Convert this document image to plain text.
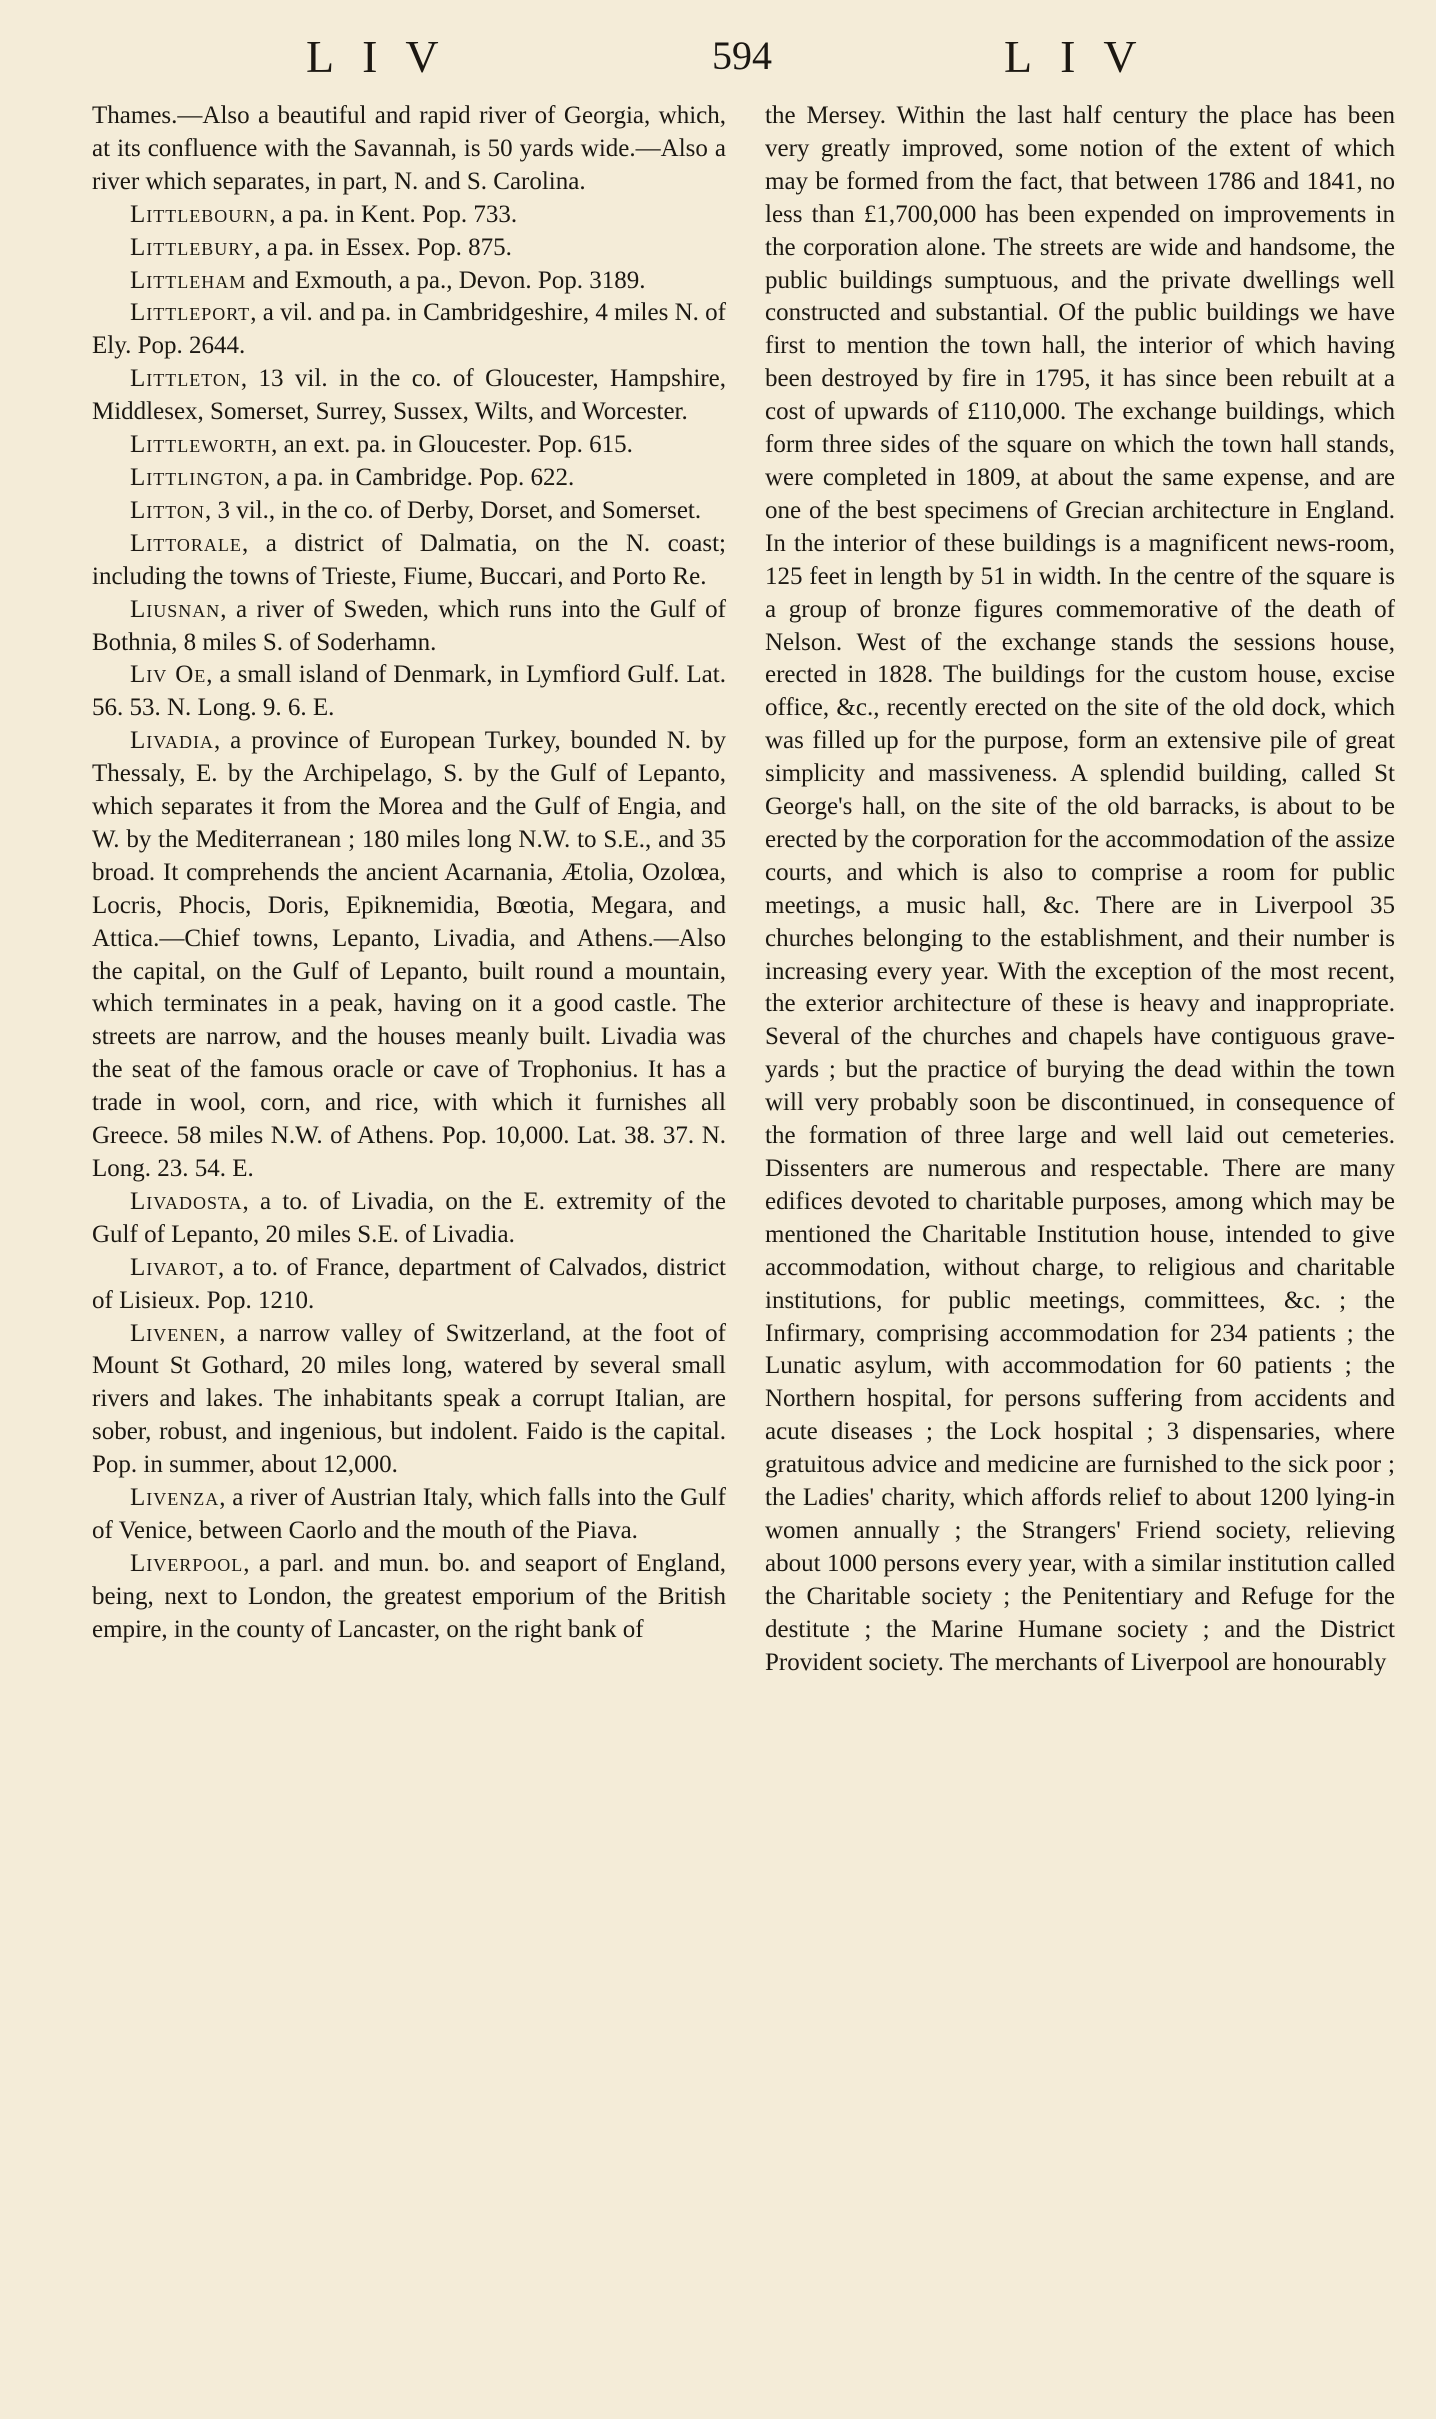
LIV	594	LIV

Thames.—Also a beautiful and rapid river of Georgia, which, at its confluence with the Savannah, is 50 yards wide.—Also a river which separates, in part, N. and S. Carolina.

Littlebourn, a pa. in Kent. Pop. 733.

Littlebury, a pa. in Essex. Pop. 875.

Littleham and Exmouth, a pa., Devon. Pop. 3189.

Littleport, a vil. and pa. in Cambridgeshire, 4 miles N. of Ely. Pop. 2644.

Littleton, 13 vil. in the co. of Gloucester, Hampshire, Middlesex, Somerset, Surrey, Sussex, Wilts, and Worcester.

Littleworth, an ext. pa. in Gloucester. Pop. 615.

Littlington, a pa. in Cambridge. Pop. 622.

Litton, 3 vil., in the co. of Derby, Dorset, and Somerset.

Littorale, a district of Dalmatia, on the N. coast; including the towns of Trieste, Fiume, Buccari, and Porto Re.

Liusnan, a river of Sweden, which runs into the Gulf of Bothnia, 8 miles S. of Soderhamn.

Liv Oe, a small island of Denmark, in Lymfiord Gulf. Lat. 56. 53. N. Long. 9. 6. E.

Livadia, a province of European Turkey, bounded N. by Thessaly, E. by the Archipelago, S. by the Gulf of Lepanto, which separates it from the Morea and the Gulf of Engia, and W. by the Mediterranean ; 180 miles long N.W. to S.E., and 35 broad. It comprehends the ancient Acarnania, Ætolia, Ozolœa, Locris, Phocis, Doris, Epiknemidia, Bœotia, Megara, and Attica.—Chief towns, Lepanto, Livadia, and Athens.—Also the capital, on the Gulf of Lepanto, built round a mountain, which terminates in a peak, having on it a good castle. The streets are narrow, and the houses meanly built. Livadia was the seat of the famous oracle or cave of Trophonius. It has a trade in wool, corn, and rice, with which it furnishes all Greece. 58 miles N.W. of Athens. Pop. 10,000. Lat. 38. 37. N. Long. 23. 54. E.

Livadosta, a to. of Livadia, on the E. extremity of the Gulf of Lepanto, 20 miles S.E. of Livadia.

Livarot, a to. of France, department of Calvados, district of Lisieux. Pop. 1210.

Livenen, a narrow valley of Switzerland, at the foot of Mount St Gothard, 20 miles long, watered by several small rivers and lakes. The inhabitants speak a corrupt Italian, are sober, robust, and ingenious, but indolent. Faido is the capital. Pop. in summer, about 12,000.

Livenza, a river of Austrian Italy, which falls into the Gulf of Venice, between Caorlo and the mouth of the Piava.

Liverpool, a parl. and mun. bo. and seaport of England, being, next to London, the greatest emporium of the British empire, in the county of Lancaster, on the right bank of

the Mersey. Within the last half century the place has been very greatly improved, some notion of the extent of which may be formed from the fact, that between 1786 and 1841, no less than £1,700,000 has been expended on improvements in the corporation alone. The streets are wide and handsome, the public buildings sumptuous, and the private dwellings well constructed and substantial. Of the public buildings we have first to mention the town hall, the interior of which having been destroyed by fire in 1795, it has since been rebuilt at a cost of upwards of £110,000. The exchange buildings, which form three sides of the square on which the town hall stands, were completed in 1809, at about the same expense, and are one of the best specimens of Grecian architecture in England. In the interior of these buildings is a magnificent news-room, 125 feet in length by 51 in width. In the centre of the square is a group of bronze figures commemorative of the death of Nelson. West of the exchange stands the sessions house, erected in 1828. The buildings for the custom house, excise office, &c., recently erected on the site of the old dock, which was filled up for the purpose, form an extensive pile of great simplicity and massiveness. A splendid building, called St George's hall, on the site of the old barracks, is about to be erected by the corporation for the accommodation of the assize courts, and which is also to comprise a room for public meetings, a music hall, &c. There are in Liverpool 35 churches belonging to the establishment, and their number is increasing every year. With the exception of the most recent, the exterior architecture of these is heavy and inappropriate. Several of the churches and chapels have contiguous grave-yards ; but the practice of burying the dead within the town will very probably soon be discontinued, in consequence of the formation of three large and well laid out cemeteries. Dissenters are numerous and respectable. There are many edifices devoted to charitable purposes, among which may be mentioned the Charitable Institution house, intended to give accommodation, without charge, to religious and charitable institutions, for public meetings, committees, &c. ; the Infirmary, comprising accommodation for 234 patients ; the Lunatic asylum, with accommodation for 60 patients ; the Northern hospital, for persons suffering from accidents and acute diseases ; the Lock hospital ; 3 dispensaries, where gratuitous advice and medicine are furnished to the sick poor ; the Ladies' charity, which affords relief to about 1200 lying-in women annually ; the Strangers' Friend society, relieving about 1000 persons every year, with a similar institution called the Charitable society ; the Penitentiary and Refuge for the destitute ; the Marine Humane society ; and the District Provident society. The merchants of Liverpool are honourably
